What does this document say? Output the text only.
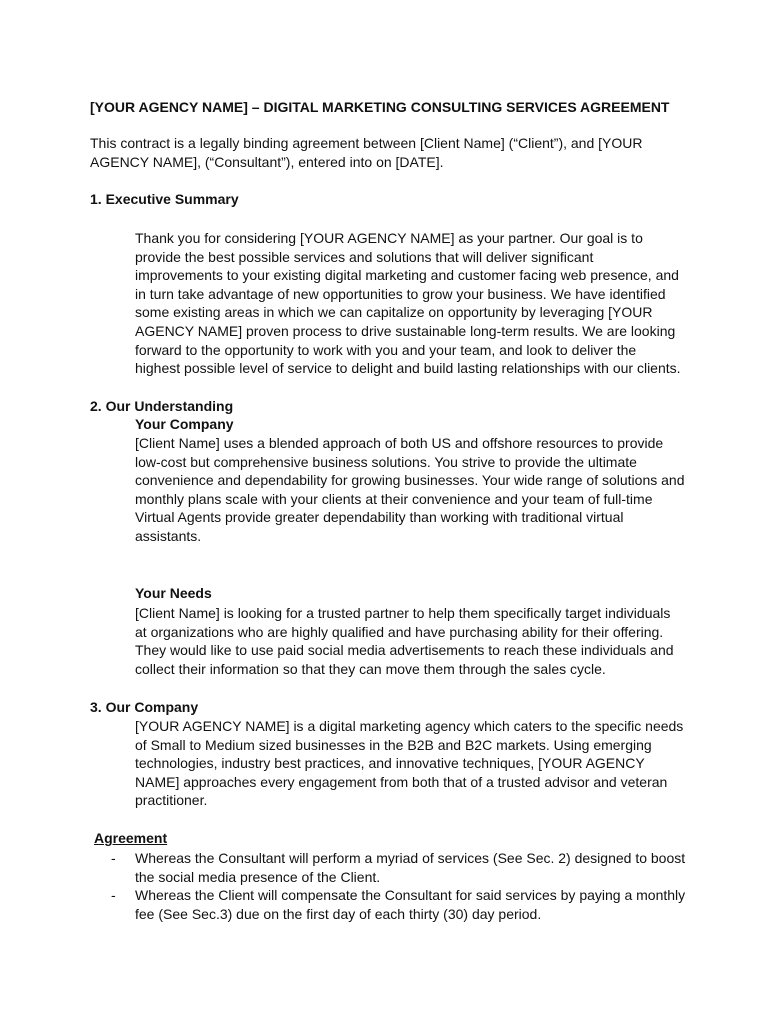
[YOUR AGENCY NAME] – DIGITAL MARKETING CONSULTING SERVICES AGREEMENT

This contract is a legally binding agreement between [Client Name] (“Client”), and [YOUR AGENCY NAME], (“Consultant”), entered into on [DATE].

1. Executive Summary

Thank you for considering [YOUR AGENCY NAME] as your partner. Our goal is to provide the best possible services and solutions that will deliver significant improvements to your existing digital marketing and customer facing web presence, and in turn take advantage of new opportunities to grow your business. We have identified some existing areas in which we can capitalize on opportunity by leveraging [YOUR AGENCY NAME] proven process to drive sustainable long-term results. We are looking forward to the opportunity to work with you and your team, and look to deliver the highest possible level of service to delight and build lasting relationships with our clients.

2. Our Understanding
Your Company

[Client Name] uses a blended approach of both US and offshore resources to provide low-cost but comprehensive business solutions. You strive to provide the ultimate convenience and dependability for growing businesses. Your wide range of solutions and monthly plans scale with your clients at their convenience and your team of full-time Virtual Agents provide greater dependability than working with traditional virtual assistants.

Your Needs

[Client Name] is looking for a trusted partner to help them specifically target individuals at organizations who are highly qualified and have purchasing ability for their offering. They would like to use paid social media advertisements to reach these individuals and collect their information so that they can move them through the sales cycle.

3. Our Company

[YOUR AGENCY NAME] is a digital marketing agency which caters to the specific needs of Small to Medium sized businesses in the B2B and B2C markets. Using emerging technologies, industry best practices, and innovative techniques, [YOUR AGENCY NAME] approaches every engagement from both that of a trusted advisor and veteran practitioner.

Agreement
- Whereas the Consultant will perform a myriad of services (See Sec. 2) designed to boost the social media presence of the Client.
- Whereas the Client will compensate the Consultant for said services by paying a monthly fee (See Sec.3) due on the first day of each thirty (30) day period.
